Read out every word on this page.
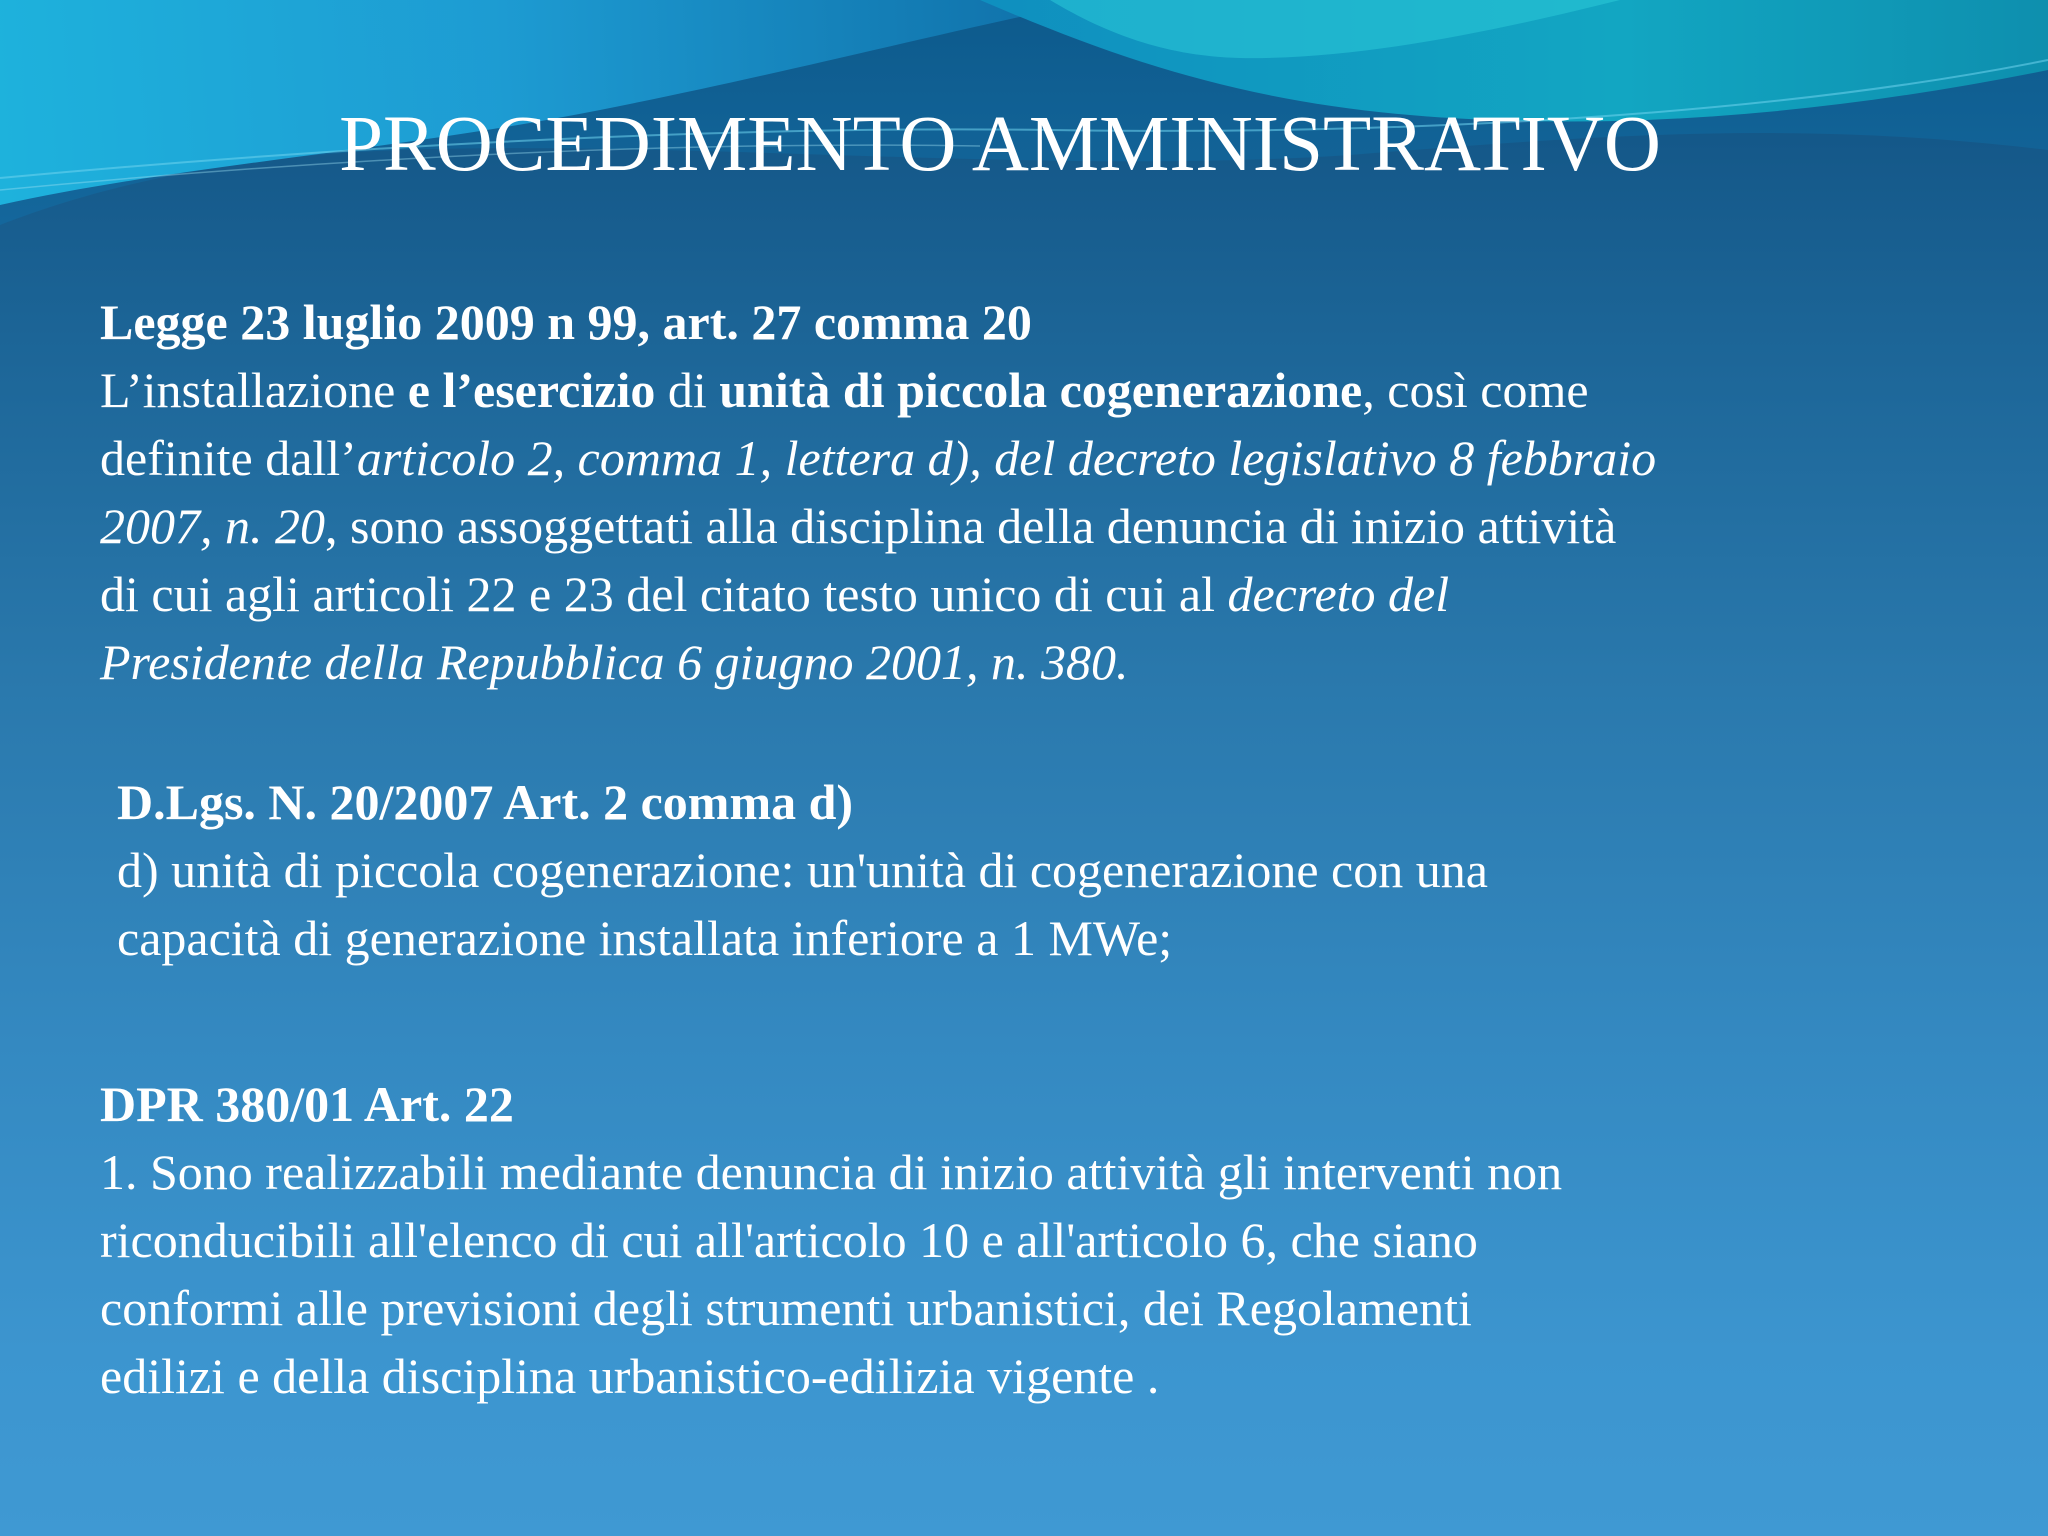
PROCEDIMENTO AMMINISTRATIVO
Legge 23 luglio 2009 n 99, art. 27 comma 20
L’installazione e l’esercizio di unità di piccola cogenerazione, così come
definite dall’articolo 2, comma 1, lettera d), del decreto legislativo 8 febbraio
2007, n. 20, sono assoggettati alla disciplina della denuncia di inizio attività
di cui agli articoli 22 e 23 del citato testo unico di cui al decreto del
Presidente della Repubblica 6 giugno 2001, n. 380.
D.Lgs. N. 20/2007 Art. 2 comma d)
d) unità di piccola cogenerazione: un'unità di cogenerazione con una
capacità di generazione installata inferiore a 1 MWe;
DPR 380/01 Art. 22
1. Sono realizzabili mediante denuncia di inizio attività gli interventi non
riconducibili all'elenco di cui all'articolo 10 e all'articolo 6, che siano
conformi alle previsioni degli strumenti urbanistici, dei Regolamenti
edilizi e della disciplina urbanistico-edilizia vigente .
